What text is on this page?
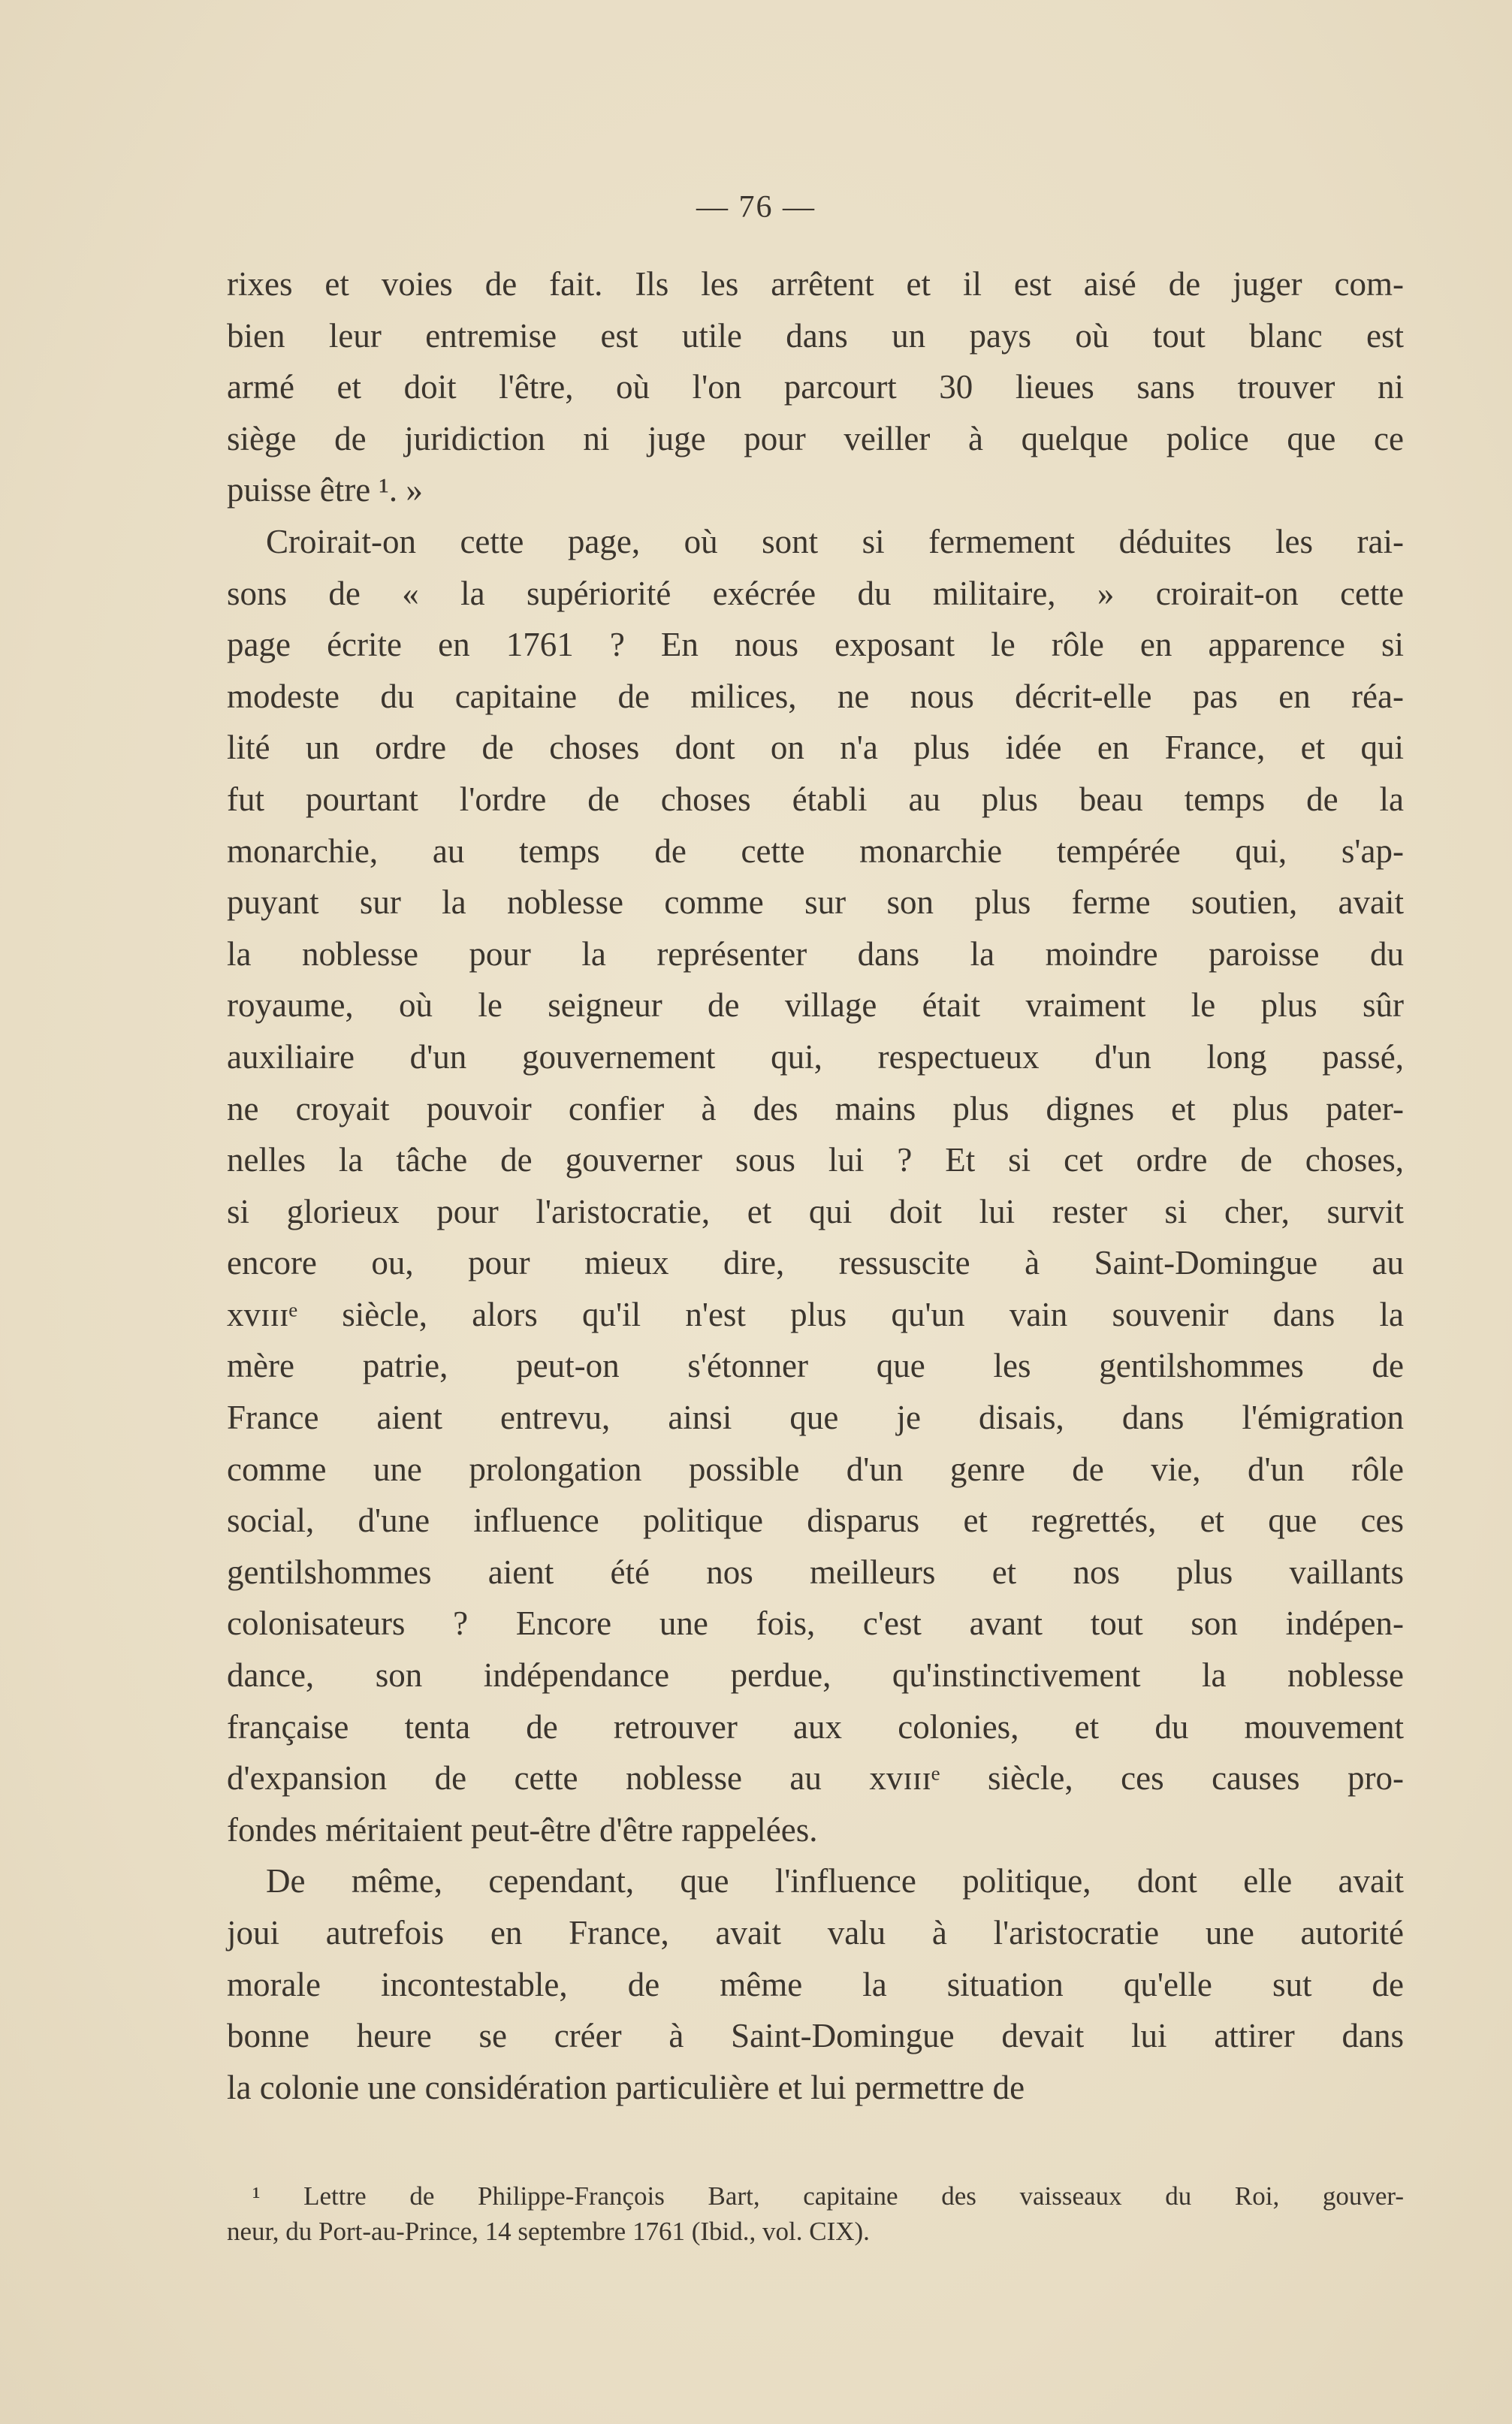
— 76 —
rixes et voies de fait. Ils les arrêtent et il est aisé de juger com-
bien leur entremise est utile dans un pays où tout blanc est
armé et doit l'être, où l'on parcourt 30 lieues sans trouver ni
siège de juridiction ni juge pour veiller à quelque police que ce
puisse être ¹. »
Croirait-on cette page, où sont si fermement déduites les rai-
sons de « la supériorité exécrée du militaire, » croirait-on cette
page écrite en 1761 ? En nous exposant le rôle en apparence si
modeste du capitaine de milices, ne nous décrit-elle pas en réa-
lité un ordre de choses dont on n'a plus idée en France, et qui
fut pourtant l'ordre de choses établi au plus beau temps de la
monarchie, au temps de cette monarchie tempérée qui, s'ap-
puyant sur la noblesse comme sur son plus ferme soutien, avait
la noblesse pour la représenter dans la moindre paroisse du
royaume, où le seigneur de village était vraiment le plus sûr
auxiliaire d'un gouvernement qui, respectueux d'un long passé,
ne croyait pouvoir confier à des mains plus dignes et plus pater-
nelles la tâche de gouverner sous lui ? Et si cet ordre de choses,
si glorieux pour l'aristocratie, et qui doit lui rester si cher, survit
encore ou, pour mieux dire, ressuscite à Saint-Domingue au
xᴠɪɪɪᵉ siècle, alors qu'il n'est plus qu'un vain souvenir dans la
mère patrie, peut-on s'étonner que les gentilshommes de
France aient entrevu, ainsi que je disais, dans l'émigration
comme une prolongation possible d'un genre de vie, d'un rôle
social, d'une influence politique disparus et regrettés, et que ces
gentilshommes aient été nos meilleurs et nos plus vaillants
colonisateurs ? Encore une fois, c'est avant tout son indépen-
dance, son indépendance perdue, qu'instinctivement la noblesse
française tenta de retrouver aux colonies, et du mouvement
d'expansion de cette noblesse au xᴠɪɪɪᵉ siècle, ces causes pro-
fondes méritaient peut-être d'être rappelées.
De même, cependant, que l'influence politique, dont elle avait
joui autrefois en France, avait valu à l'aristocratie une autorité
morale incontestable, de même la situation qu'elle sut de
bonne heure se créer à Saint-Domingue devait lui attirer dans
la colonie une considération particulière et lui permettre de
¹ Lettre de Philippe-François Bart, capitaine des vaisseaux du Roi, gouver-
neur, du Port-au-Prince, 14 septembre 1761 (Ibid., vol. CIX).
